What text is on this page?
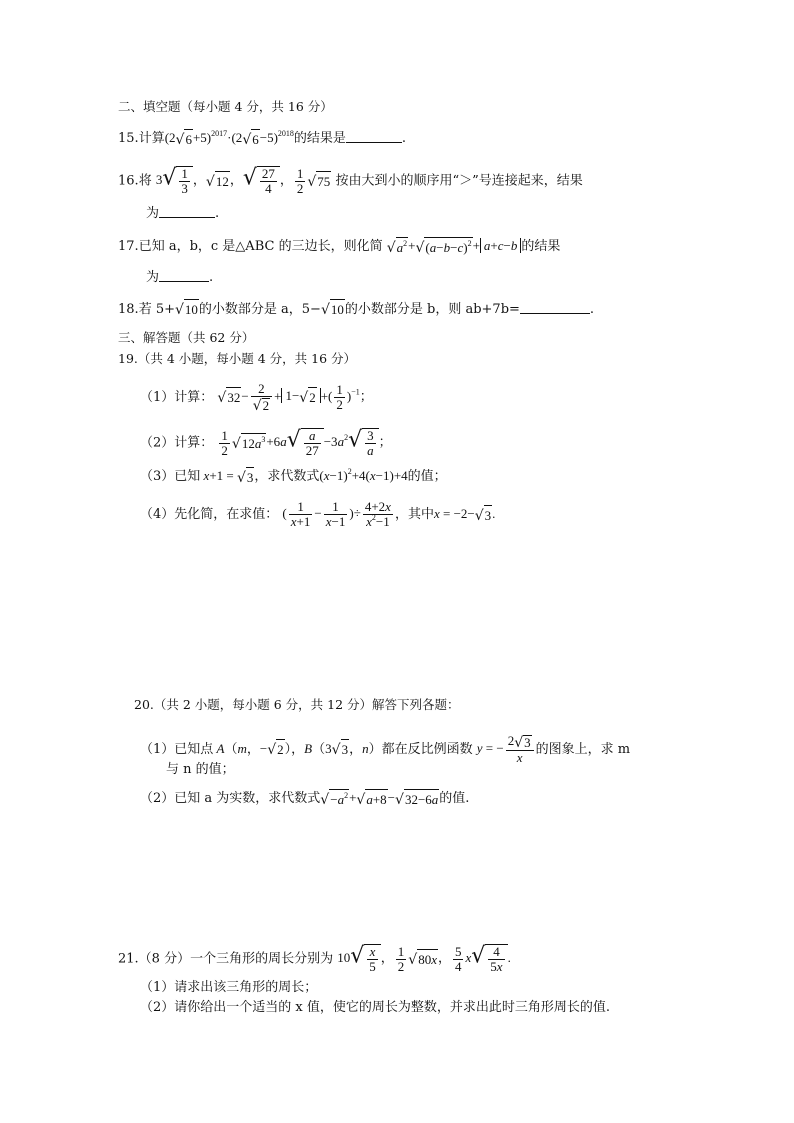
二、填空题（每小题 4 分，共 16 分）
15.计算$(2√6+5)^{2017}\cdot(2√6-5)^{2018}$的结果是	.
16.将 $3√ \frac{1}{3}$ ，√12，√ $\frac{27}{4}$ ， $\frac{1}{2} √75$ 按由大到小的顺序用“＞”号连接起来，结果
为	.
17.已知 a，b，c 是△ABC 的三边长，则化简 $√a^2+√(a-b-c)^2+ a+c-b$ 的结果
为	.
18.若 5+√10的小数部分是 a，5−√10的小数部分是 b，则 ab+7b=	.
三、解答题（共 62 分）
19.（共 4 小题，每小题 4 分，共 16 分）
（1）计算： $√32- \frac{2}{√2} + 1-√2$ +( $\frac{1}{2} )^{-1}$；
（2）计算： $\frac{1}{2} √12a^3+6a√ \frac{a}{27} -3a^2√ \frac{3}{a}$ ；
（3）已知 x+1 = √3，求代数式$(x-1)^2+4(x-1)+4$的值；
（4）先化简，在求值： ( $\frac{1}{x+1} - \frac{1}{x-1}$ )÷ $\frac{4+2x}{x^2-1}$ ，其中x = −2−√3.
20.（共 2 小题，每小题 6 分，共 12 分）解答下列各题：
（1）已知点 A（m，−√2），B（3√3，n）都在反比例函数 y = − $\frac{2√3}{x}$ 的图象上，求 m
与 n 的值；
（2）已知 a 为实数，求代数式$√-a^2+√a+8-√32-6a$的值.
21.（8 分）一个三角形的周长分别为 $10√ \frac{x}{5}$ ， $\frac{1}{2} √80x$， $\frac{5}{4} x√ \frac{4}{5x}$ .
（1）请求出该三角形的周长；
（2）请你给出一个适当的 x 值，使它的周长为整数，并求出此时三角形周长的值.
